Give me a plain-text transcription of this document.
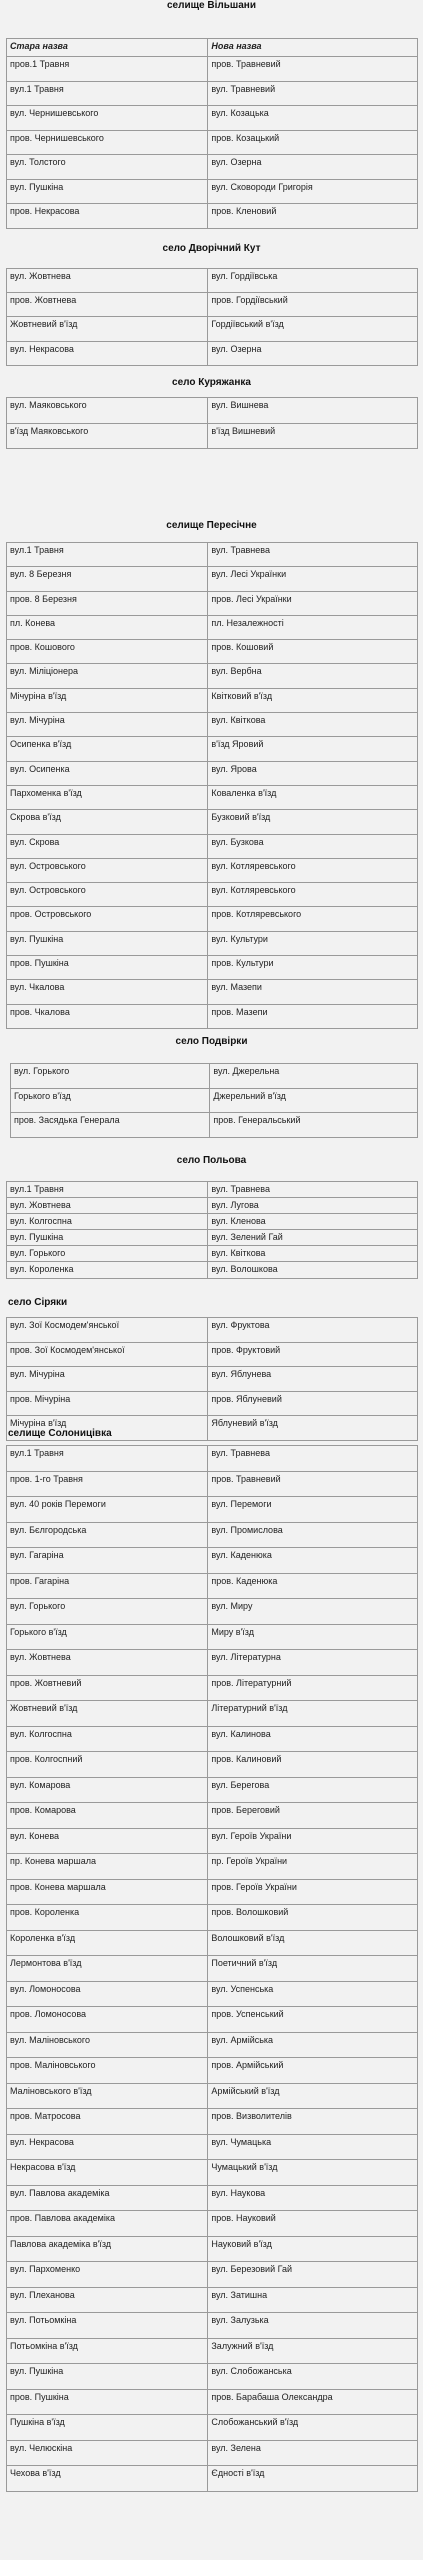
селище Вільшани
Стара назва	Нова назва
пров.1 Травня	пров. Травневий
вул.1 Травня	вул. Травневий
вул. Чернишевського	вул. Козацька
пров. Чернишевського	пров. Козацький
вул. Толстого	вул. Озерна
вул. Пушкіна	вул. Сковороди Григорія
пров. Некрасова	пров. Кленовий
село Дворічний Кут
вул. Жовтнева	вул. Гордіївська
пров. Жовтнева	пров. Гордіївський
Жовтневий в'їзд	Гордіївський в'їзд
вул. Некрасова	вул. Озерна
село Куряжанка
вул. Маяковського	вул. Вишнева
в'їзд Маяковського	в'їзд Вишневий
селище Пересічне
вул.1 Травня	вул. Травнева
вул. 8 Березня	вул. Лесі Українки
пров. 8 Березня	пров. Лесі Українки
пл. Конева	пл. Незалежності
пров. Кошового	пров. Кошовий
вул. Міліціонера	вул. Вербна
Мічуріна в'їзд	Квітковий в'їзд
вул. Мічуріна	вул. Квіткова
Осипенка в'їзд	в'їзд Яровий
вул. Осипенка	вул. Ярова
Пархоменка в'їзд	Коваленка в'їзд
Скрова в'їзд	Бузковий в'їзд
вул. Скрова	вул. Бузкова
вул. Островського	вул. Котляревського
вул. Островського	вул. Котляревського
пров. Островського	пров. Котляревського
вул. Пушкіна	вул. Культури
пров. Пушкіна	пров. Культури
вул. Чкалова	вул. Мазепи
пров. Чкалова	пров. Мазепи
село Подвірки
вул. Горького	вул. Джерельна
Горького в'їзд	Джерельний в'їзд
пров. Засядька Генерала	пров. Генеральський
село Польова
вул.1 Травня	вул. Травнева
вул. Жовтнева	вул. Лугова
вул. Колгоспна	вул. Кленова
вул. Пушкіна	вул. Зелений Гай
вул. Горького	вул. Квіткова
вул. Короленка	вул. Волошкова
село Сіряки
вул. Зої Космодем'янської	вул. Фруктова
пров. Зої Космодем'янської	пров. Фруктовий
вул. Мічуріна	вул. Яблунева
пров. Мічуріна	пров. Яблуневий
Мічуріна в'їзд	Яблуневий в'їзд
селище Солоницівка
вул.1 Травня	вул. Травнева
пров. 1-го Травня	пров. Травневий
вул. 40 років Перемоги	вул. Перемоги
вул. Бєлгородська	вул. Промислова
вул. Гагаріна	вул. Каденюка
пров. Гагаріна	пров. Каденюка
вул. Горького	вул. Миру
Горького в'їзд	Миру в'їзд
вул. Жовтнева	вул. Літературна
пров. Жовтневий	пров. Літературний
Жовтневий в'їзд	Літературний в'їзд
вул. Колгоспна	вул. Калинова
пров. Колгоспний	пров. Калиновий
вул. Комарова	вул. Берегова
пров. Комарова	пров. Береговий
вул. Конева	вул. Героїв України
пр. Конева маршала	пр. Героїв України
пров. Конева маршала	пров. Героїв України
пров. Короленка	пров. Волошковий
Короленка в'їзд	Волошковий в'їзд
Лермонтова в'їзд	Поетичний в'їзд
вул. Ломоносова	вул. Успенська
пров. Ломоносова	пров. Успенський
вул. Маліновського	вул. Армійська
пров. Маліновського	пров. Армійський
Маліновського в'їзд	Армійський в'їзд
пров. Матросова	пров. Визволителів
вул. Некрасова	вул. Чумацька
Некрасова в'їзд	Чумацький в'їзд
вул. Павлова академіка	вул. Наукова
пров. Павлова академіка	пров. Науковий
Павлова академіка в'їзд	Науковий в'їзд
вул. Пархоменко	вул. Березовий Гай
вул. Плеханова	вул. Затишна
вул. Потьомкіна	вул. Залузька
Потьомкіна в'їзд	Залужний в'їзд
вул. Пушкіна	вул. Слобожанська
пров. Пушкіна	пров. Барабаша Олександра
Пушкіна в'їзд	Слобожанський в'їзд
вул. Челюскіна	вул. Зелена
Чехова в'їзд	Єдності в'їзд
